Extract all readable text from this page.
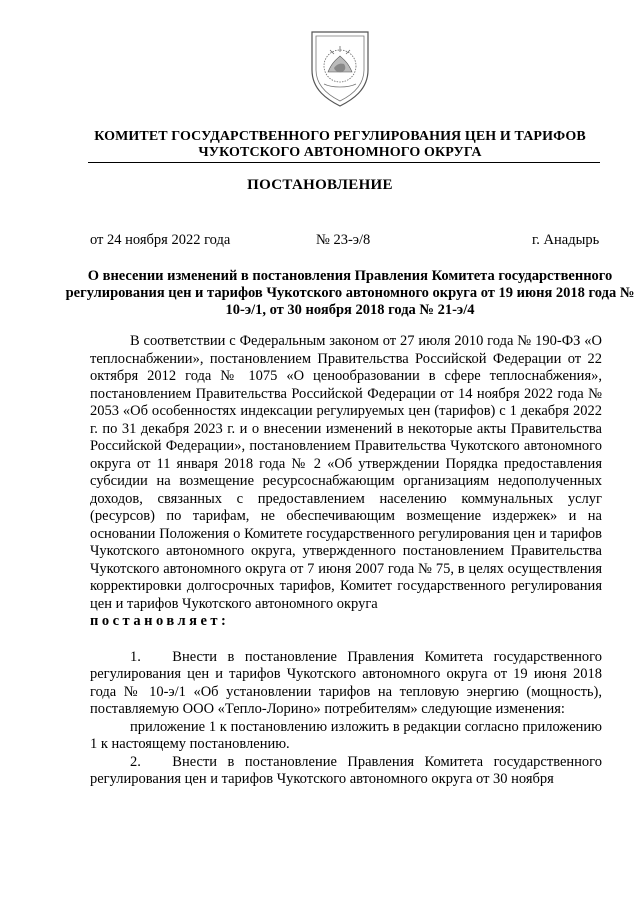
КОМИТЕТ ГОСУДАРСТВЕННОГО РЕГУЛИРОВАНИЯ ЦЕН И ТАРИФОВ
ЧУКОТСКОГО АВТОНОМНОГО ОКРУГА
ПОСТАНОВЛЕНИЕ
от 24 ноября 2022 года	№ 23-э/8	г. Анадырь
О внесении изменений в постановления Правления Комитета государственного регулирования цен и тарифов Чукотского автономного округа от 19 июня 2018 года № 10-э/1, от 30 ноября 2018 года № 21-э/4

В соответствии с Федеральным законом от 27 июля 2010 года № 190-ФЗ «О теплоснабжении», постановлением Правительства Российской Федерации от 22 октября 2012 года № 1075 «О ценообразовании в сфере теплоснабжения», постановлением Правительства Российской Федерации от 14 ноября 2022 года № 2053 «Об особенностях индексации регулируемых цен (тарифов) с 1 декабря 2022 г. по 31 декабря 2023 г. и о внесении изменений в некоторые акты Правительства Российской Федерации», постановлением Правительства Чукотского автономного округа от 11 января 2018 года № 2 «Об утверждении Порядка предоставления субсидии на возмещение ресурсоснабжающим организациям недополученных доходов, связанных с предоставлением населению коммунальных услуг (ресурсов) по тарифам, не обеспечивающим возмещение издержек» и на основании Положения о Комитете государственного регулирования цен и тарифов Чукотского автономного округа, утвержденного постановлением Правительства Чукотского автономного округа от 7 июня 2007 года № 75, в целях осуществления корректировки долгосрочных тарифов, Комитет государственного регулирования цен и тарифов Чукотского автономного округа

постановляет:

1.   Внести в постановление Правления Комитета государственного регулирования цен и тарифов Чукотского автономного округа от 19 июня 2018 года № 10-э/1 «Об установлении тарифов на тепловую энергию (мощность), поставляемую ООО «Тепло-Лорино» потребителям» следующие изменения:

приложение 1 к постановлению изложить в редакции согласно приложению 1 к настоящему постановлению.

2.   Внести в постановление Правления Комитета государственного регулирования цен и тарифов Чукотского автономного округа от 30 ноября
